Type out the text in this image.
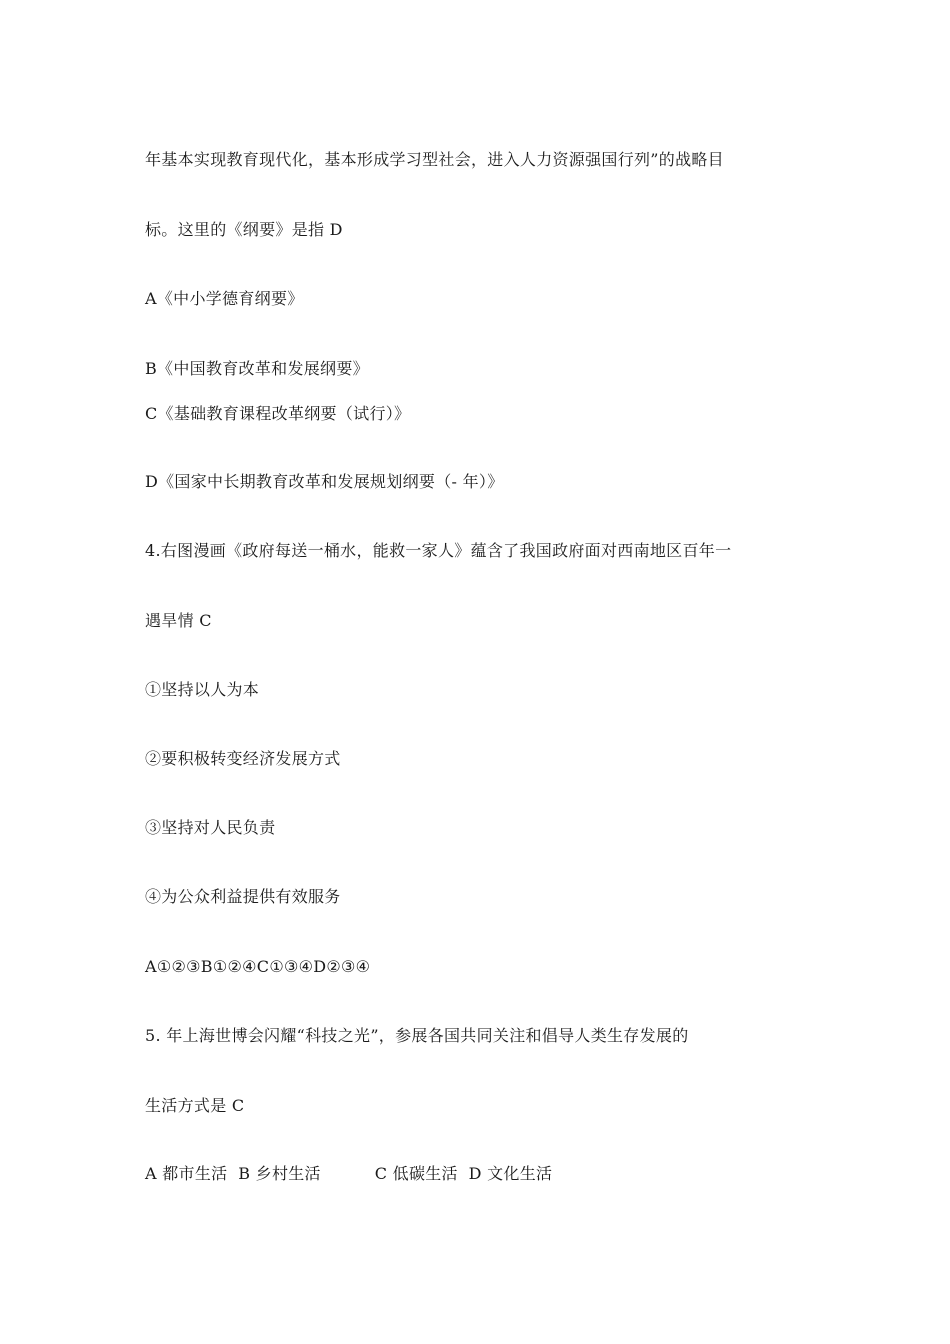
年基本实现教育现代化，基本形成学习型社会，进入人力资源强国行列”的战略目
标。这里的《纲要》是指 D
A《中小学德育纲要》
B《中国教育改革和发展纲要》
C《基础教育课程改革纲要（试行）》
D《国家中长期教育改革和发展规划纲要（- 年）》
4.右图漫画《政府每送一桶水，能救一家人》蕴含了我国政府面对西南地区百年一
遇旱情 C
①坚持以人为本
②要积极转变经济发展方式
③坚持对人民负责
④为公众利益提供有效服务
A①②③B①②④C①③④D②③④
5. 年上海世博会闪耀“科技之光”，参展各国共同关注和倡导人类生存发展的
生活方式是 C
A 都市生活  B 乡村生活          C 低碳生活  D 文化生活
